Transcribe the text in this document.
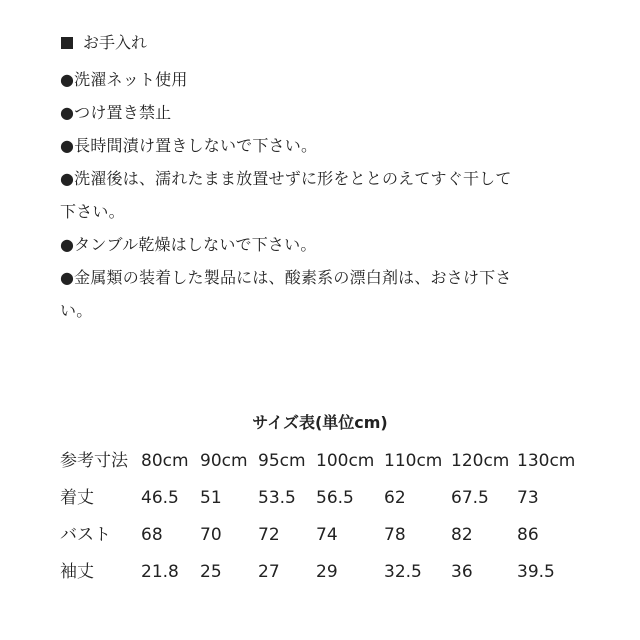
お手入れ
●洗濯ネット使用
●つけ置き禁止
●長時間漬け置きしないで下さい。
●洗濯後は、濡れたまま放置せずに形をととのえてすぐ干して
下さい。
●タンブル乾燥はしないで下さい。
●金属類の装着した製品には、酸素系の漂白剤は、おさけ下さ
い。
サイズ表(単位cm)
参考寸法 80cm 90cm 95cm 100cm 110cm 120cm 130cm
着丈	46.5 51 53.5 56.5 62	67.5 73
バスト 68 70 72 74	78	82	86
袖丈	21.8 25 27 29	32.5 36	39.5
